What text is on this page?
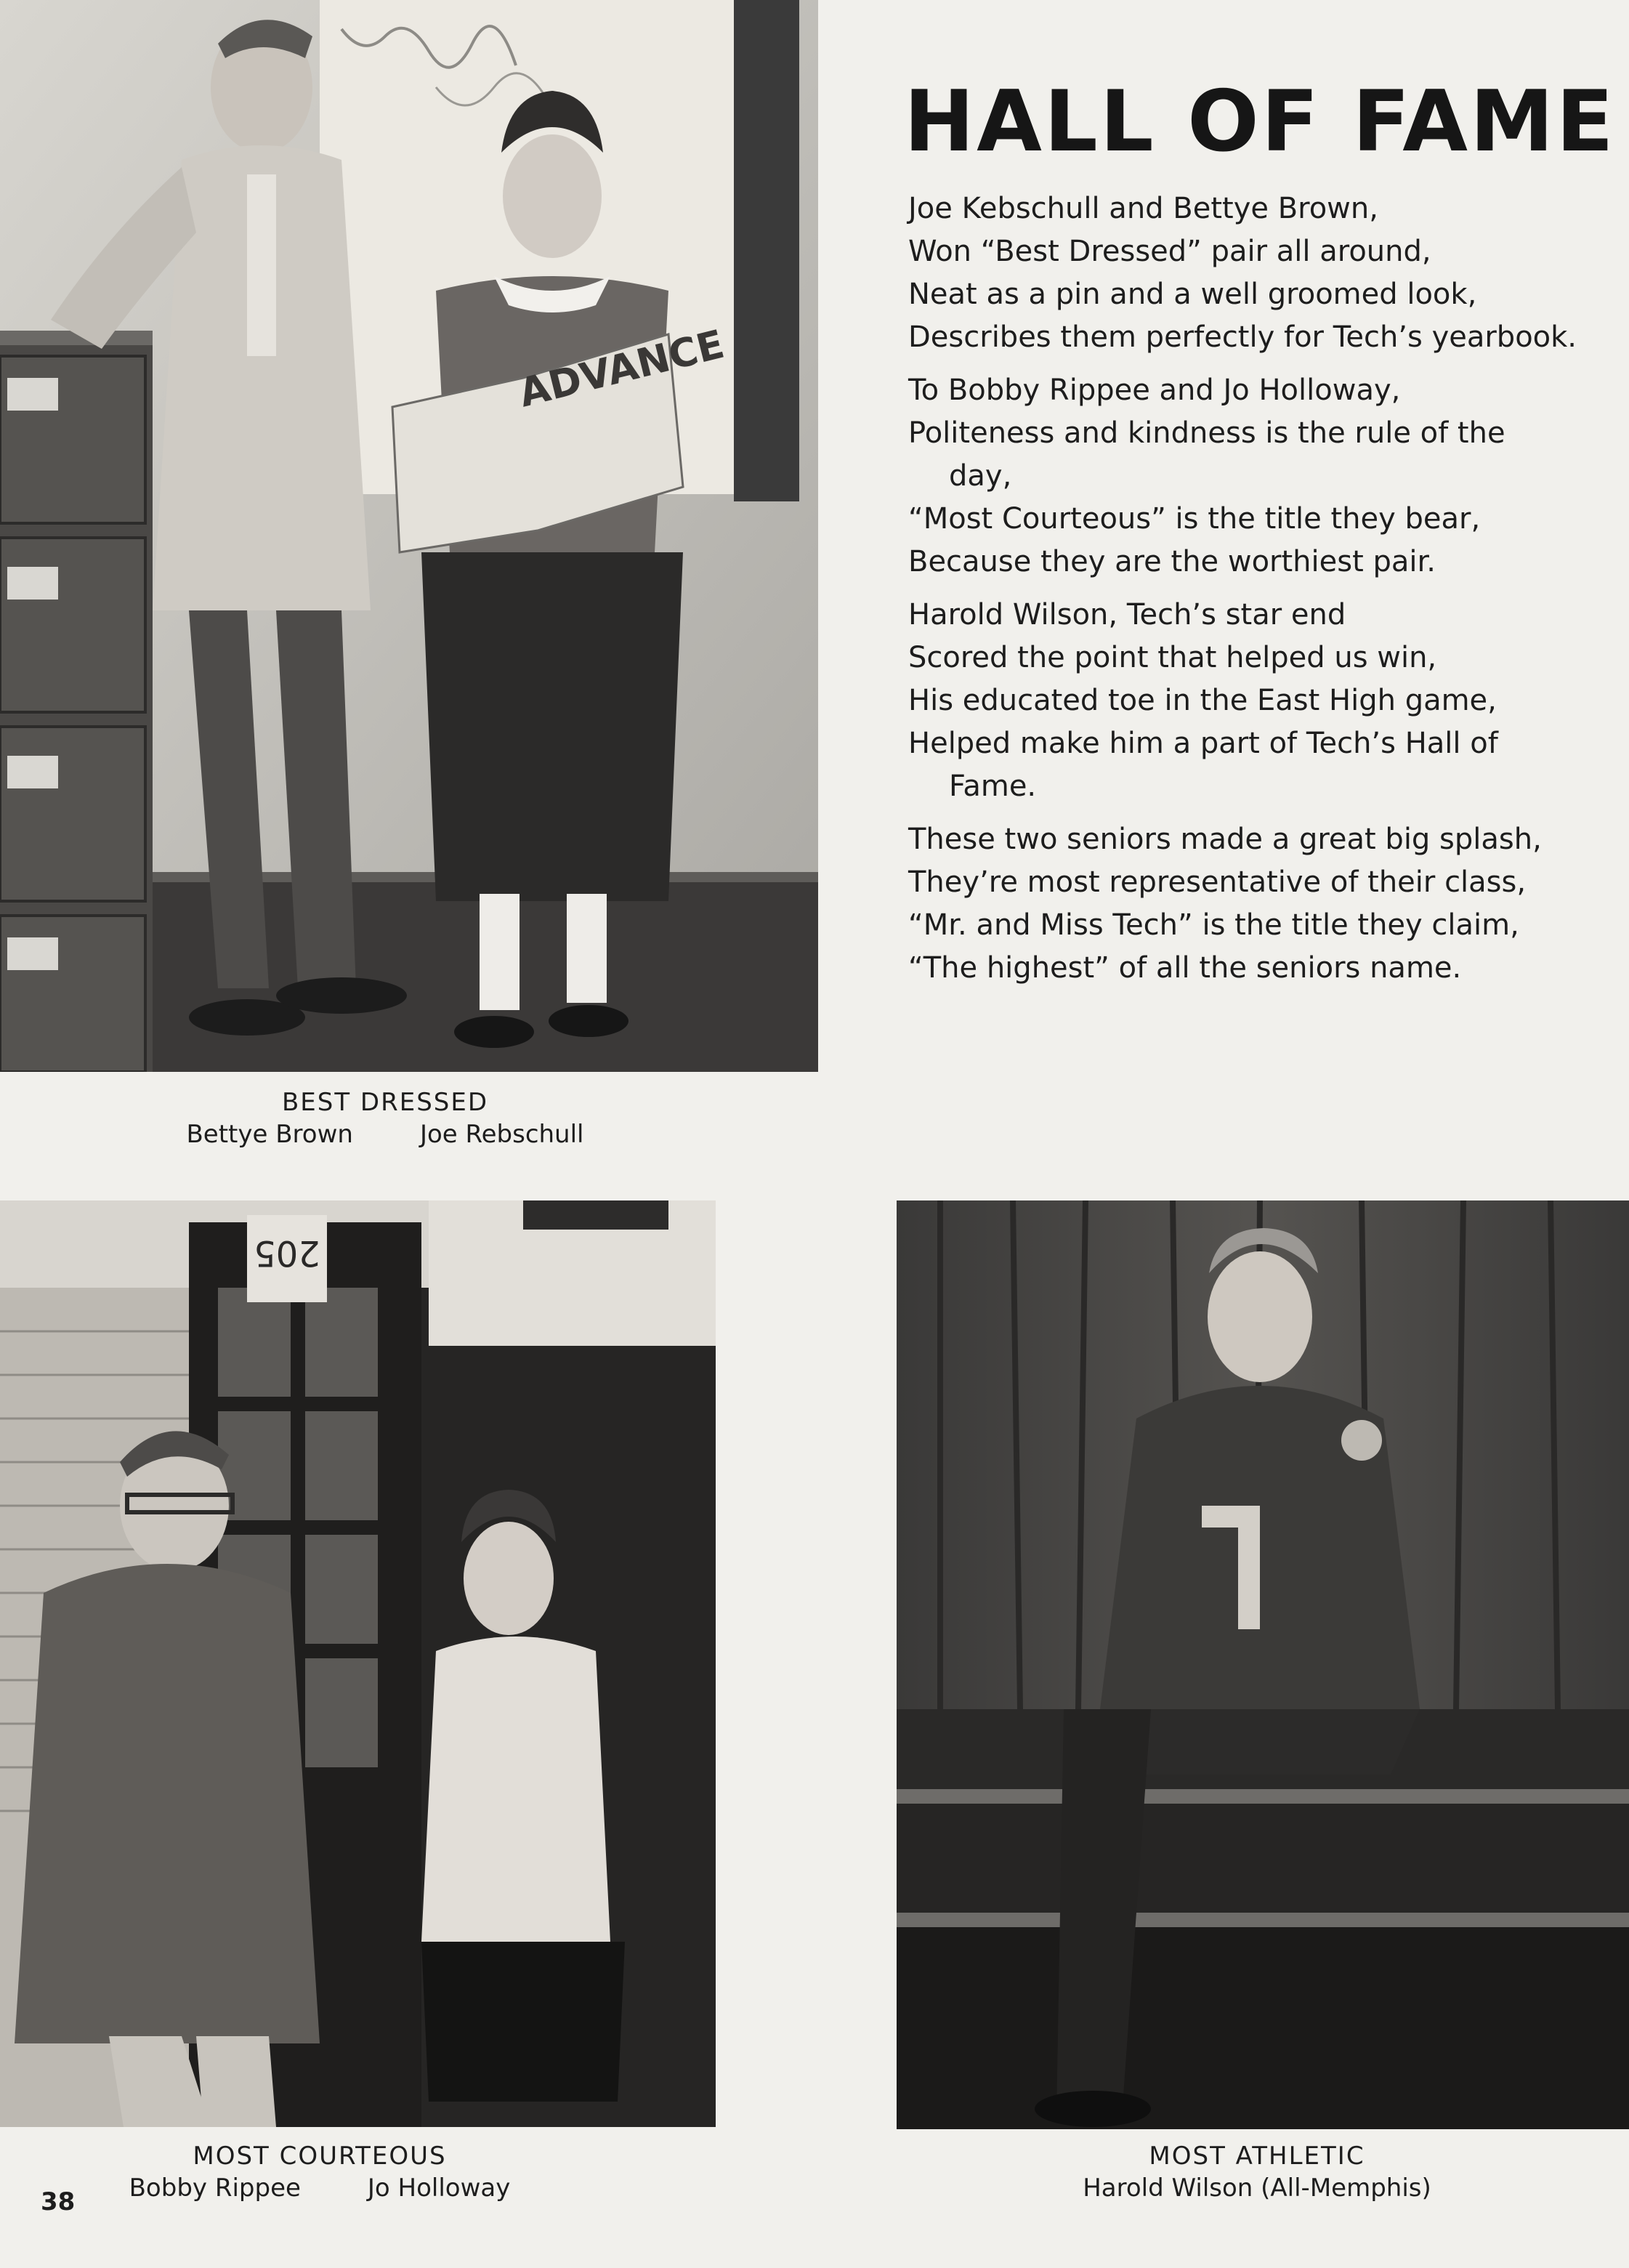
HALL OF FAME
Joe Kebschull and Bettye Brown,
Won “Best Dressed” pair all around,
Neat as a pin and a well groomed look,
Describes them perfectly for Tech’s yearbook.
To Bobby Rippee and Jo Holloway,
Politeness and kindness is the rule of the
day,
“Most Courteous” is the title they bear,
Because they are the worthiest pair.
Harold Wilson, Tech’s star end
Scored the point that helped us win,
His educated toe in the East High game,
Helped make him a part of Tech’s Hall of
Fame.
These two seniors made a great big splash,
They’re most representative of their class,
“Mr. and Miss Tech” is the title they claim,
“The highest” of all the seniors name.
ADVANCE
BEST DRESSED
Bettye Brown	Joe Rebschull
205
MOST COURTEOUS
Bobby Rippee	Jo Holloway
MOST ATHLETIC
Harold Wilson (All-Memphis)
38
